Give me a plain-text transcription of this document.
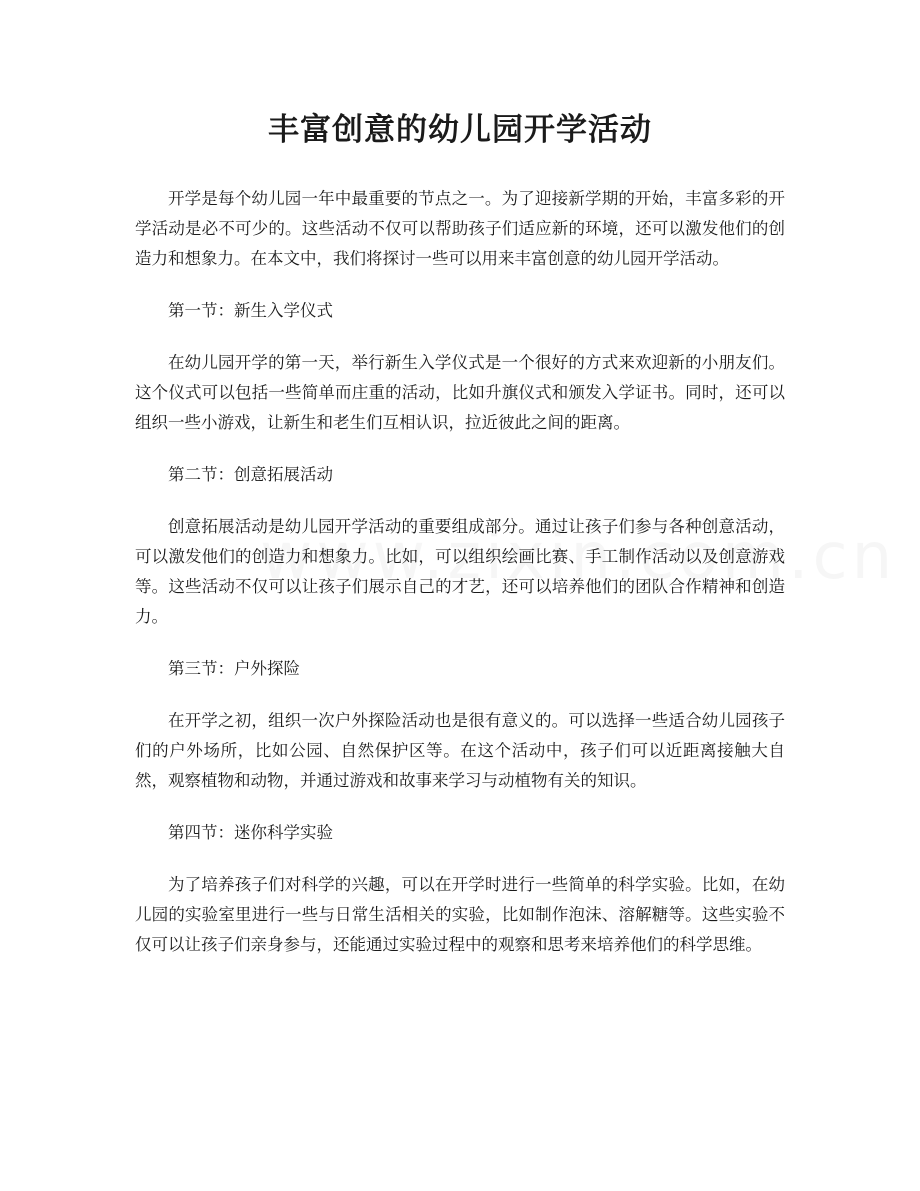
丰富创意的幼儿园开学活动

开学是每个幼儿园一年中最重要的节点之一。为了迎接新学期的开始，丰富多彩的开学活动是必不可少的。这些活动不仅可以帮助孩子们适应新的环境，还可以激发他们的创造力和想象力。在本文中，我们将探讨一些可以用来丰富创意的幼儿园开学活动。

第一节：新生入学仪式

在幼儿园开学的第一天，举行新生入学仪式是一个很好的方式来欢迎新的小朋友们。这个仪式可以包括一些简单而庄重的活动，比如升旗仪式和颁发入学证书。同时，还可以组织一些小游戏，让新生和老生们互相认识，拉近彼此之间的距离。

第二节：创意拓展活动

创意拓展活动是幼儿园开学活动的重要组成部分。通过让孩子们参与各种创意活动，可以激发他们的创造力和想象力。比如，可以组织绘画比赛、手工制作活动以及创意游戏等。这些活动不仅可以让孩子们展示自己的才艺，还可以培养他们的团队合作精神和创造力。

第三节：户外探险

在开学之初，组织一次户外探险活动也是很有意义的。可以选择一些适合幼儿园孩子们的户外场所，比如公园、自然保护区等。在这个活动中，孩子们可以近距离接触大自然，观察植物和动物，并通过游戏和故事来学习与动植物有关的知识。

第四节：迷你科学实验

为了培养孩子们对科学的兴趣，可以在开学时进行一些简单的科学实验。比如，在幼儿园的实验室里进行一些与日常生活相关的实验，比如制作泡沫、溶解糖等。这些实验不仅可以让孩子们亲身参与，还能通过实验过程中的观察和思考来培养他们的科学思维。
